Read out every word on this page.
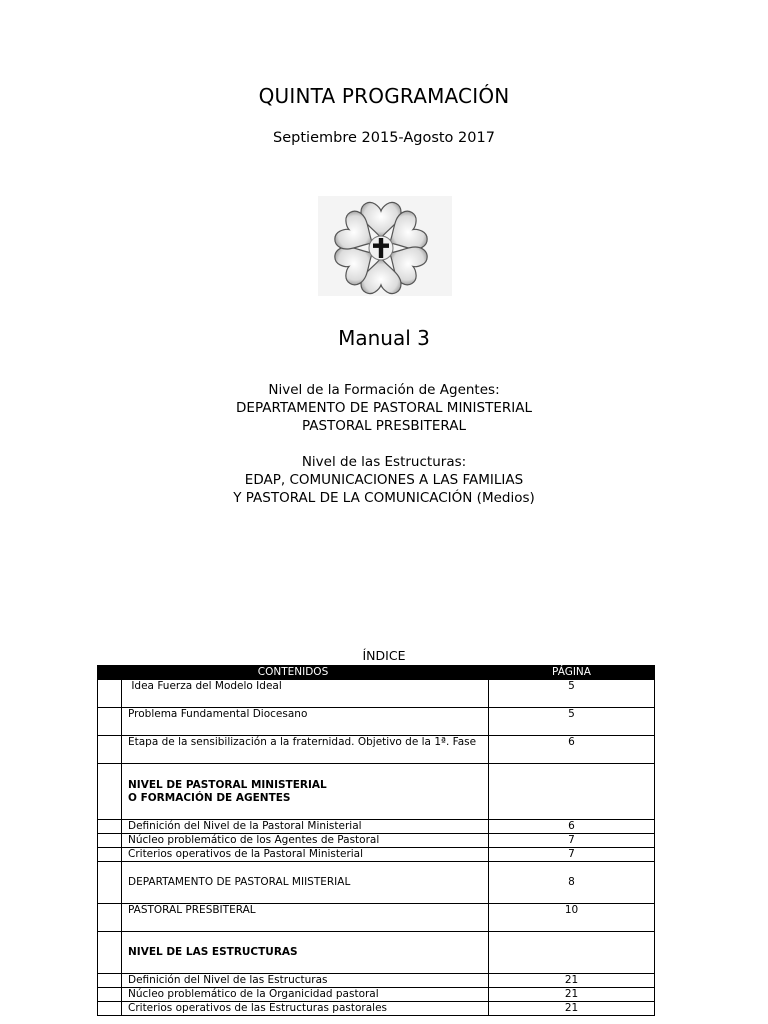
QUINTA PROGRAMACIÓN
Septiembre 2015-Agosto 2017
Manual 3
Nivel de la Formación de Agentes:
DEPARTAMENTO DE PASTORAL MINISTERIAL
PASTORAL PRESBITERAL
Nivel de las Estructuras:
EDAP, COMUNICACIONES A LAS FAMILIAS
Y PASTORAL DE LA COMUNICACIÓN (Medios)
ÍNDICE
CONTENIDOS		PÁGINA
	Idea Fuerza del Modelo Ideal	5
	Problema Fundamental Diocesano	5
	Etapa de la sensibilización a la fraternidad. Objetivo de la 1ª. Fase	6

	NIVEL DE PASTORAL MINISTERIAL
O FORMACIÓN DE AGENTES	

	Definición del Nivel de la Pastoral Ministerial	6
	Núcleo problemático de los Agentes de Pastoral	7
	Criterios operativos de la Pastoral Ministerial	7
	DEPARTAMENTO DE PASTORAL MIISTERIAL	8
	PASTORAL PRESBITERAL	10
	NIVEL DE LAS ESTRUCTURAS	
	Definición del Nivel de las Estructuras	21
	Núcleo problemático de la Organicidad pastoral	21
	Criterios operativos de las Estructuras pastorales	21
